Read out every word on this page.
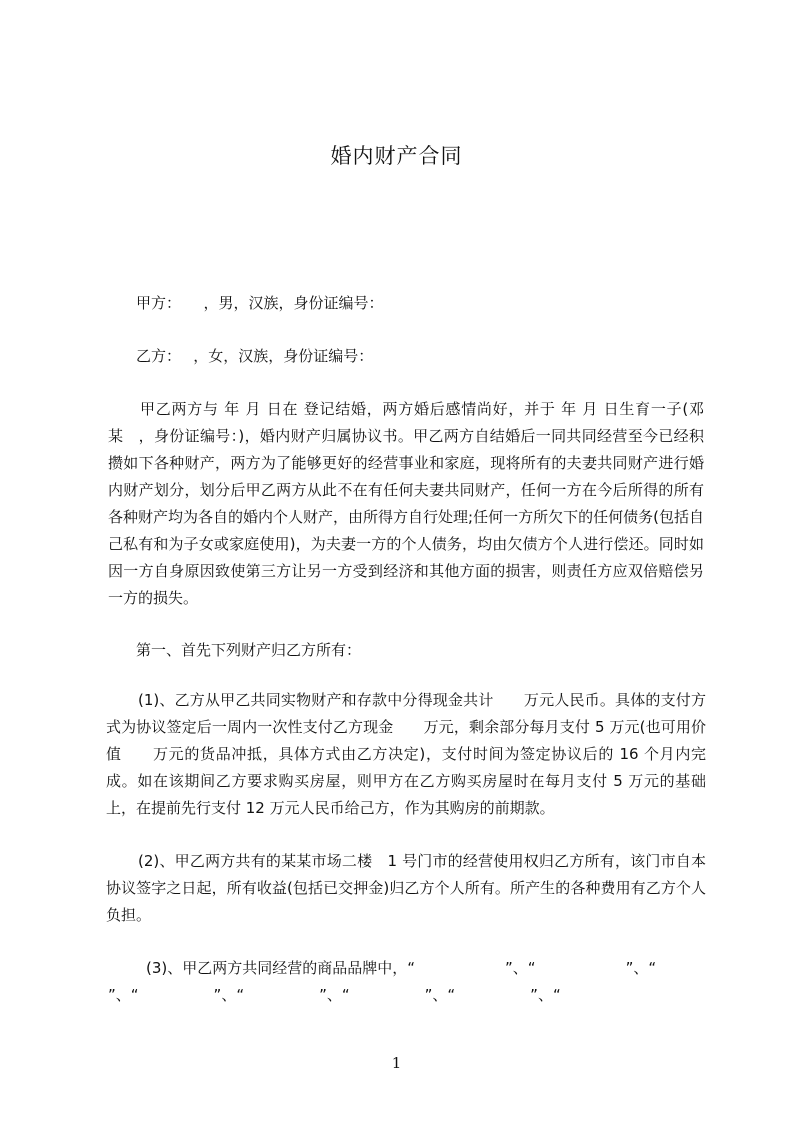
婚内财产合同
甲方：　　，男，汉族，身份证编号：
乙方：　 ，女，汉族，身份证编号：
甲乙两方与 年 月 日在 登记结婚，两方婚后感情尚好，并于 年 月 日生育一子(邓某　，身份证编号：)，婚内财产归属协议书。甲乙两方自结婚后一同共同经营至今已经积攒如下各种财产，两方为了能够更好的经营事业和家庭，现将所有的夫妻共同财产进行婚内财产划分，划分后甲乙两方从此不在有任何夫妻共同财产，任何一方在今后所得的所有各种财产均为各自的婚内个人财产，由所得方自行处理;任何一方所欠下的任何债务(包括自己私有和为子女或家庭使用)，为夫妻一方的个人债务，均由欠债方个人进行偿还。同时如因一方自身原因致使第三方让另一方受到经济和其他方面的损害，则责任方应双倍赔偿另一方的损失。
第一、首先下列财产归乙方所有：
(1)、乙方从甲乙共同实物财产和存款中分得现金共计　　万元人民币。具体的支付方式为协议签定后一周内一次性支付乙方现金　　万元，剩余部分每月支付 5 万元(也可用价值　　万元的货品冲抵，具体方式由乙方决定)，支付时间为签定协议后的 16 个月内完成。如在该期间乙方要求购买房屋，则甲方在乙方购买房屋时在每月支付 5 万元的基础上，在提前先行支付 12 万元人民币给己方，作为其购房的前期款。
(2)、甲乙两方共有的某某市场二楼　1 号门市的经营使用权归乙方所有，该门市自本协议签字之日起，所有收益(包括已交押金)归乙方个人所有。所产生的各种费用有乙方个人负担。
(3)、甲乙两方共同经营的商品品牌中，“　　　　　　”、“　　　　　　”、“
”、“　　　　　”、“　　　　　”、“　　　　　”、“　　　　　”、“
1
